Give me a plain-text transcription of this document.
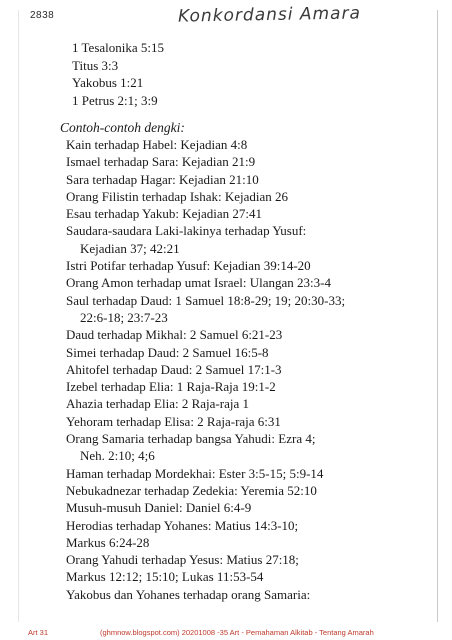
2838	Konkordansi Amara
1 Tesalonika 5:15
Titus 3:3
Yakobus 1:21
1 Petrus 2:1; 3:9
Contoh-contoh dengki:
Kain terhadap Habel: Kejadian 4:8
Ismael terhadap Sara: Kejadian 21:9
Sara terhadap Hagar: Kejadian 21:10
Orang Filistin terhadap Ishak: Kejadian 26
Esau terhadap Yakub: Kejadian 27:41
Saudara-saudara Laki-lakinya terhadap Yusuf:
Kejadian 37; 42:21
Istri Potifar terhadap Yusuf: Kejadian 39:14-20
Orang Amon terhadap umat Israel: Ulangan 23:3-4
Saul terhadap Daud: 1 Samuel 18:8-29; 19; 20:30-33;
22:6-18; 23:7-23
Daud terhadap Mikhal: 2 Samuel 6:21-23
Simei terhadap Daud: 2 Samuel 16:5-8
Ahitofel terhadap Daud: 2 Samuel 17:1-3
Izebel terhadap Elia: 1 Raja-Raja 19:1-2
Ahazia terhadap Elia: 2 Raja-raja 1
Yehoram terhadap Elisa: 2 Raja-raja 6:31
Orang Samaria terhadap bangsa Yahudi: Ezra 4;
Neh. 2:10; 4;6
Haman terhadap Mordekhai: Ester 3:5-15; 5:9-14
Nebukadnezar terhadap Zedekia: Yeremia 52:10
Musuh-musuh Daniel: Daniel 6:4-9
Herodias terhadap Yohanes: Matius 14:3-10;
Markus 6:24-28
Orang Yahudi terhadap Yesus: Matius 27:18;
Markus 12:12; 15:10; Lukas 11:53-54
Yakobus dan Yohanes terhadap orang Samaria:
Art 31	(ghmnow.blogspot.com) 20201008 -35 Art - Pemahaman Alkitab - Tentang Amarah
